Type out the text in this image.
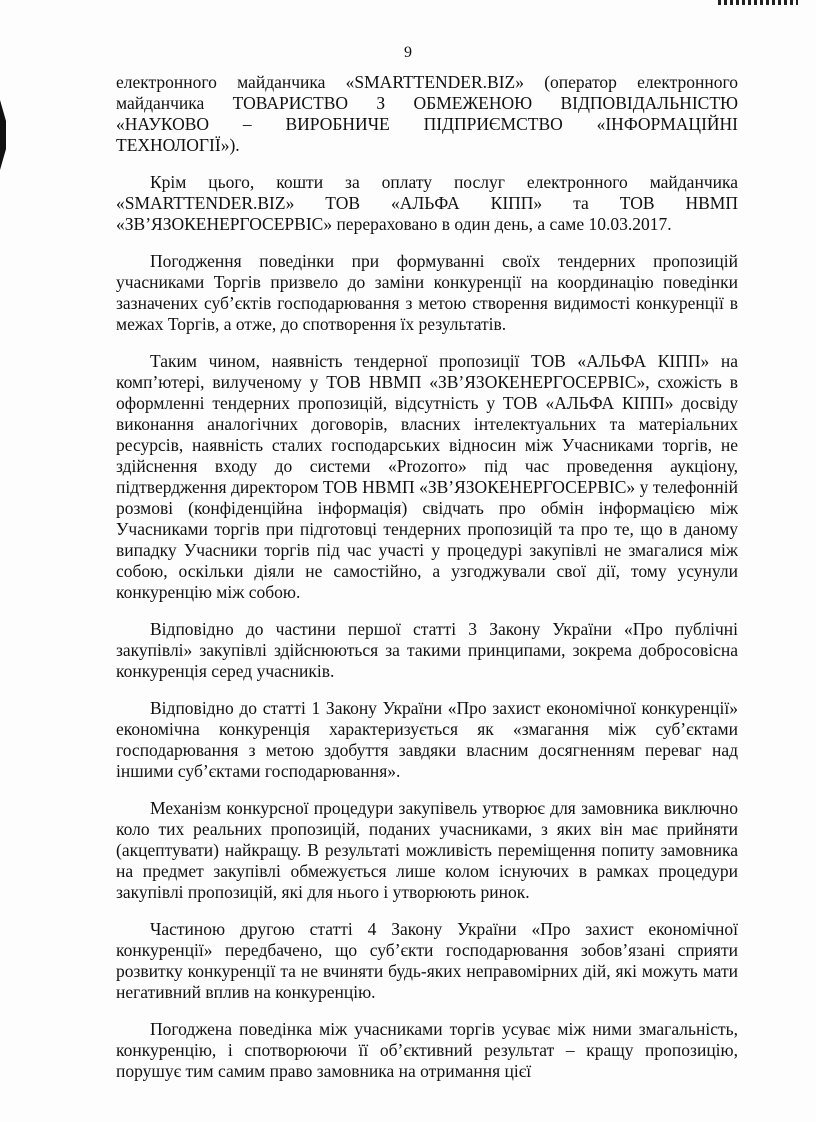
9

електронного майданчика «SMARTTENDER.BIZ» (оператор електронного майданчика ТОВАРИСТВО З ОБМЕЖЕНОЮ ВІДПОВІДАЛЬНІСТЮ «НАУКОВО – ВИРОБНИЧЕ ПІДПРИЄМСТВО «ІНФОРМАЦІЙНІ ТЕХНОЛОГІЇ»).

Крім цього, кошти за оплату послуг електронного майданчика «SMARTTENDER.BIZ» ТОВ «АЛЬФА КІПП» та ТОВ НВМП «ЗВ’ЯЗОКЕНЕРГОСЕРВІС» перераховано в один день, а саме 10.03.2017.

Погодження поведінки при формуванні своїх тендерних пропозицій учасниками Торгів призвело до заміни конкуренції на координацію поведінки зазначених суб’єктів господарювання з метою створення видимості конкуренції в межах Торгів, а отже, до спотворення їх результатів.

Таким чином, наявність тендерної пропозиції ТОВ «АЛЬФА КІПП» на комп’ютері, вилученому у ТОВ НВМП «ЗВ’ЯЗОКЕНЕРГОСЕРВІС», схожість в оформленні тендерних пропозицій, відсутність у ТОВ «АЛЬФА КІПП» досвіду виконання аналогічних договорів, власних інтелектуальних та матеріальних ресурсів, наявність сталих господарських відносин між Учасниками торгів, не здійснення входу до системи «Prozorro» під час проведення аукціону, підтвердження директором ТОВ НВМП «ЗВ’ЯЗОКЕНЕРГОСЕРВІС» у телефонній розмові (конфіденційна інформація) свідчать про обмін інформацією між Учасниками торгів при підготовці тендерних пропозицій та про те, що в даному випадку Учасники торгів під час участі у процедурі закупівлі не змагалися між собою, оскільки діяли не самостійно, а узгоджували свої дії, тому усунули конкуренцію між собою.

Відповідно до частини першої статті 3 Закону України «Про публічні закупівлі» закупівлі здійснюються за такими принципами, зокрема добросовісна конкуренція серед учасників.

Відповідно до статті 1 Закону України «Про захист економічної конкуренції» економічна конкуренція характеризується як «змагання між суб’єктами господарювання з метою здобуття завдяки власним досягненням переваг над іншими суб’єктами господарювання».

Механізм конкурсної процедури закупівель утворює для замовника виключно коло тих реальних пропозицій, поданих учасниками, з яких він має прийняти (акцептувати) найкращу. В результаті можливість переміщення попиту замовника на предмет закупівлі обмежується лише колом існуючих в рамках процедури закупівлі пропозицій, які для нього і утворюють ринок.

Частиною другою статті 4 Закону України «Про захист економічної конкуренції» передбачено, що суб’єкти господарювання зобов’язані сприяти розвитку конкуренції та не вчиняти будь-яких неправомірних дій, які можуть мати негативний вплив на конкуренцію.

Погоджена поведінка між учасниками торгів усуває між ними змагальність, конкуренцію, і спотворюючи її об’єктивний результат – кращу пропозицію, порушує тим самим право замовника на отримання цієї
